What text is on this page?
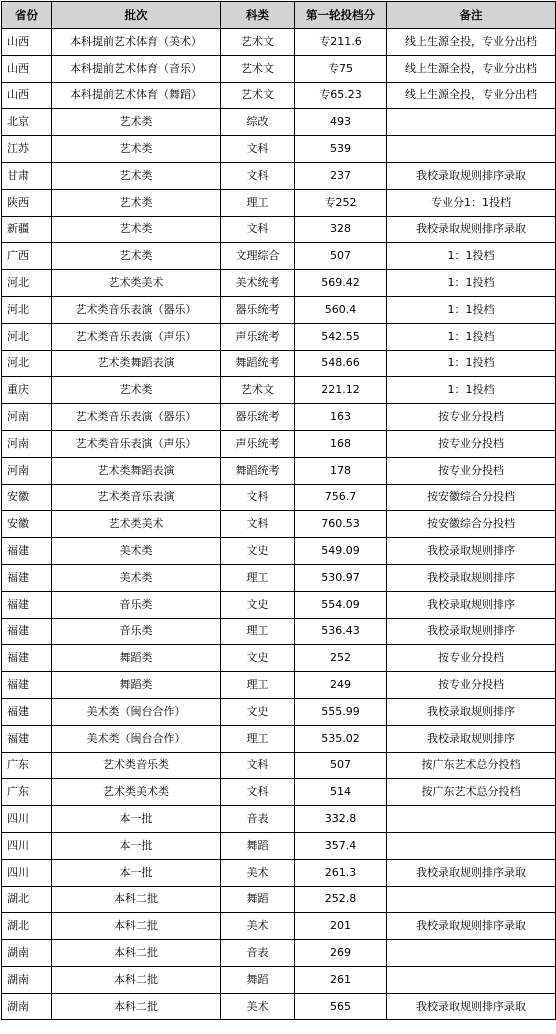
省份	批次	科类	第一轮投档分	备注
山西	本科提前艺术体育（美术）	艺术文	专211.6	线上生源全投，专业分出档
山西	本科提前艺术体育（音乐）	艺术文	专75	线上生源全投，专业分出档
山西	本科提前艺术体育（舞蹈）	艺术文	专65.23	线上生源全投，专业分出档
北京	艺术类	综改	493	
江苏	艺术类	文科	539	
甘肃	艺术类	文科	237	我校录取规则排序录取
陕西	艺术类	理工	专252	专业分1：1投档
新疆	艺术类	文科	328	我校录取规则排序录取
广西	艺术类	文理综合	507	1：1投档
河北	艺术类美术	美术统考	569.42	1：1投档
河北	艺术类音乐表演（器乐）	器乐统考	560.4	1：1投档
河北	艺术类音乐表演（声乐）	声乐统考	542.55	1：1投档
河北	艺术类舞蹈表演	舞蹈统考	548.66	1：1投档
重庆	艺术类	艺术文	221.12	1：1投档
河南	艺术类音乐表演（器乐）	器乐统考	163	按专业分投档
河南	艺术类音乐表演（声乐）	声乐统考	168	按专业分投档
河南	艺术类舞蹈表演	舞蹈统考	178	按专业分投档
安徽	艺术类音乐表演	文科	756.7	按安徽综合分投档
安徽	艺术类美术	文科	760.53	按安徽综合分投档
福建	美术类	文史	549.09	我校录取规则排序
福建	美术类	理工	530.97	我校录取规则排序
福建	音乐类	文史	554.09	我校录取规则排序
福建	音乐类	理工	536.43	我校录取规则排序
福建	舞蹈类	文史	252	按专业分投档
福建	舞蹈类	理工	249	按专业分投档
福建	美术类（闽台合作）	文史	555.99	我校录取规则排序
福建	美术类（闽台合作）	理工	535.02	我校录取规则排序
广东	艺术类音乐类	文科	507	按广东艺术总分投档
广东	艺术类美术类	文科	514	按广东艺术总分投档
四川	本一批	音表	332.8	
四川	本一批	舞蹈	357.4	
四川	本一批	美术	261.3	我校录取规则排序录取
湖北	本科二批	舞蹈	252.8	
湖北	本科二批	美术	201	我校录取规则排序录取
湖南	本科二批	音表	269	
湖南	本科二批	舞蹈	261	
湖南	本科二批	美术	565	我校录取规则排序录取
